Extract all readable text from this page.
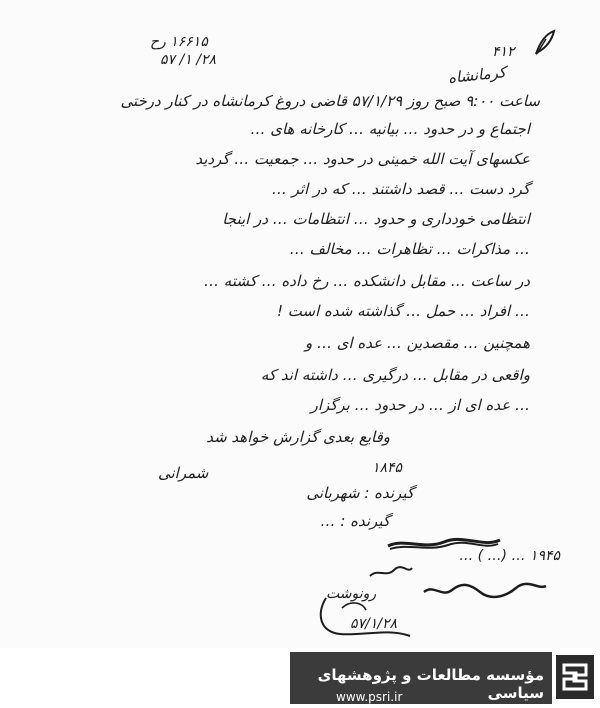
۱۶۶۱۵ رح
۲۸/ ۱/ ۵۷	۴۱۲
کرمانشاه
ساعت ۹:۰۰ صبح روز ۵۷/۱/۲۹ قاضی دروغ کرمانشاه در کنار درختی
اجتماع و در حدود … بیانیه … کارخانه های …
عکسهای آیت الله خمینی در حدود … جمعیت … گردید
گرد دست … قصد داشتند … که در اثر …
انتظامی خودداری و حدود … انتظامات … در اینجا
… مذاکرات … تظاهرات … مخالف …
در ساعت … مقابل دانشکده … رخ داده … کشته …
… افراد … حمل … گذاشته شده است !
همچنین … مقصدین … عده ای … و
واقعی در مقابل … درگیری … داشته اند که
… عده ای از … در حدود … برگزار
وقایع بعدی گزارش خواهد شد
شمرانی	۱۸۴۵
گیرنده : شهربانی
گیرنده : …
۱۹۴۵ … (… ) …
رونوشت
۵۷/۱/۲۸
مؤسسه مطالعات و پژوهشهای سیاسی
www.psri.ir
